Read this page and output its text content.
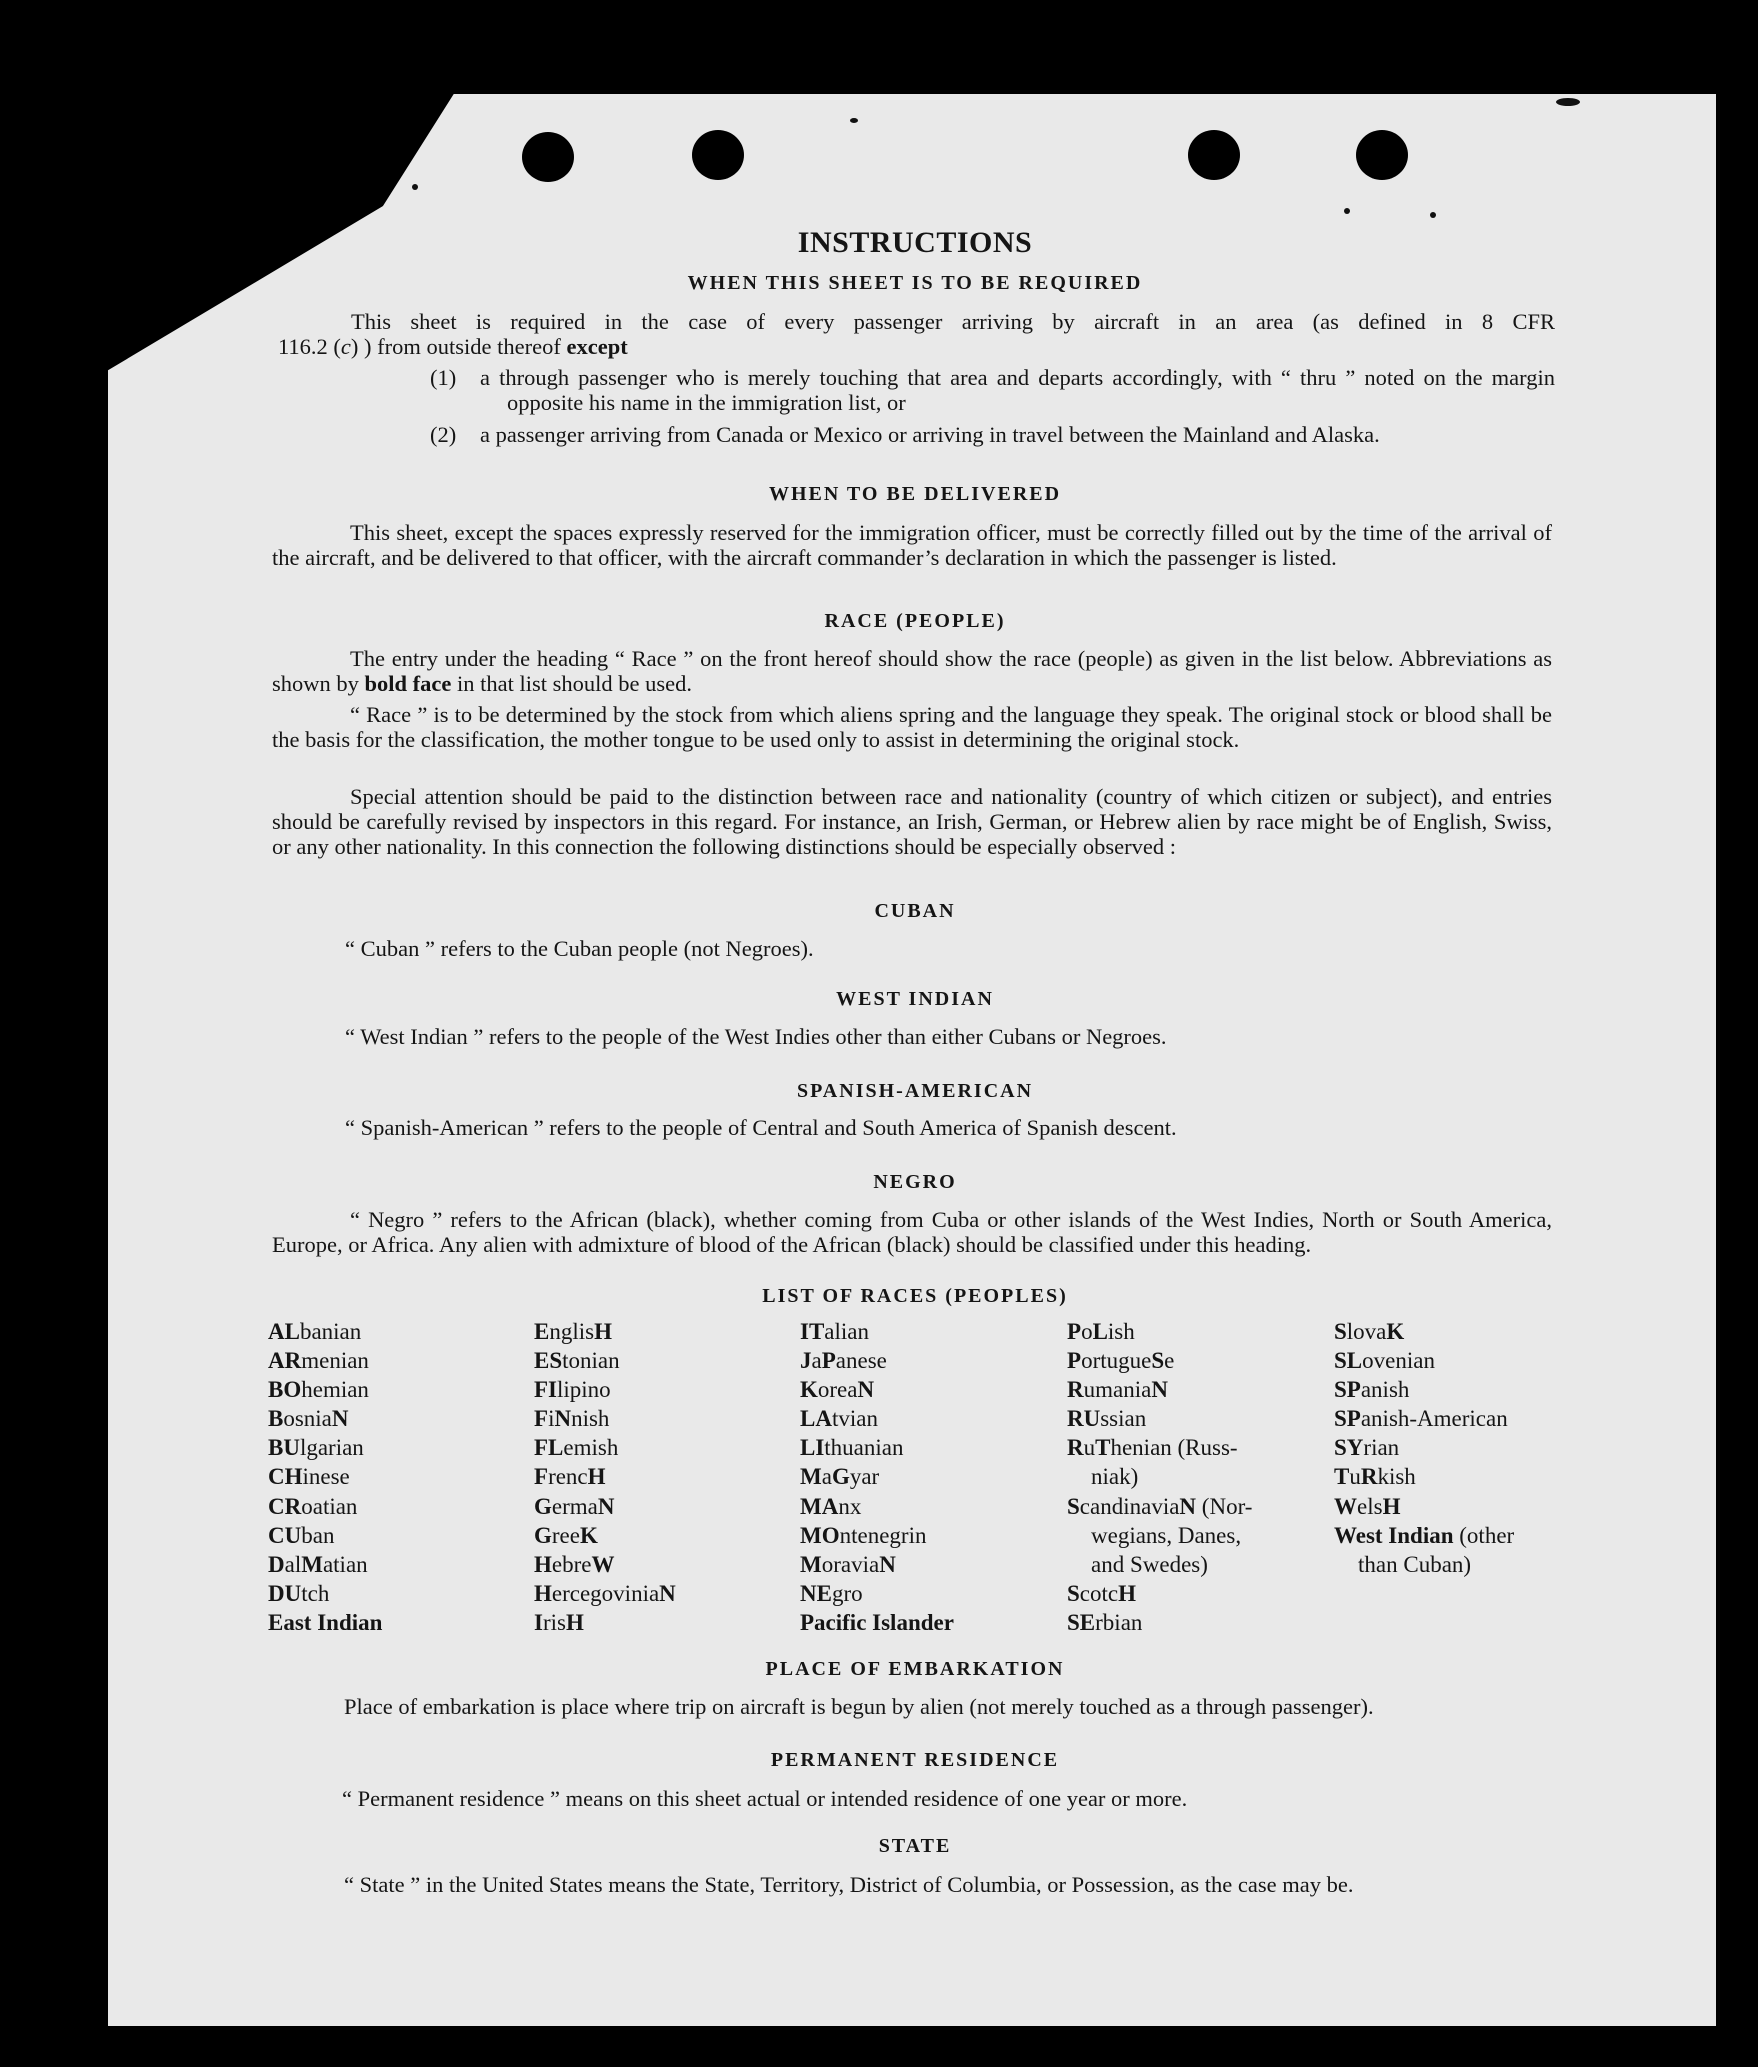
INSTRUCTIONS
WHEN THIS SHEET IS TO BE REQUIRED
This sheet is required in the case of every passenger arriving by aircraft in an area (as defined in 8 CFR
116.2 (c) ) from outside thereof except
(1) a through passenger who is merely touching that area and departs accordingly, with “ thru ” noted on the margin opposite his name in the immigration list, or
(2) a passenger arriving from Canada or Mexico or arriving in travel between the Mainland and Alaska.
WHEN TO BE DELIVERED

This sheet, except the spaces expressly reserved for the immigration officer, must be correctly filled out by the time of the arrival of the aircraft, and be delivered to that officer, with the aircraft commander’s declaration in which the passenger is listed.

RACE (PEOPLE)

The entry under the heading “ Race ” on the front hereof should show the race (people) as given in the list below. Abbreviations as shown by bold face in that list should be used.

“ Race ” is to be determined by the stock from which aliens spring and the language they speak. The original stock or blood shall be the basis for the classification, the mother tongue to be used only to assist in determining the original stock.

Special attention should be paid to the distinction between race and nationality (country of which citizen or subject), and entries should be carefully revised by inspectors in this regard. For instance, an Irish, German, or Hebrew alien by race might be of English, Swiss, or any other nationality. In this connection the following distinctions should be especially observed :

CUBAN
“ Cuban ” refers to the Cuban people (not Negroes).
WEST INDIAN
“ West Indian ” refers to the people of the West Indies other than either Cubans or Negroes.
SPANISH-AMERICAN
“ Spanish-American ” refers to the people of Central and South America of Spanish descent.
NEGRO

“ Negro ” refers to the African (black), whether coming from Cuba or other islands of the West Indies, North or South America, Europe, or Africa. Any alien with admixture of blood of the African (black) should be classified under this heading.

LIST OF RACES (PEOPLES)
ALbanian
ARmenian
BOhemian
BosniaN
BUlgarian
CHinese
CRoatian
CUban
DalMatian
DUtch
East Indian
EnglisH
EStonian
FIlipino
FiNnish
FLemish
FrencH
GermaN
GreeK
HebreW
HercegoviniaN
IrisH
ITalian
JaPanese
KoreaN
LAtvian
LIthuanian
MaGyar
MAnx
MOntenegrin
MoraviaN
NEgro
Pacific Islander
PoLish
PortugueSe
RumaniaN
RUssian
RuThenian (Russ-
niak)
ScandinaviaN (Nor-
wegians, Danes,
and Swedes)
ScotcH
SErbian
SlovaK
SLovenian
SPanish
SPanish-American
SYrian
TuRkish
WelsH
West Indian (other
than Cuban)
PLACE OF EMBARKATION

Place of embarkation is place where trip on aircraft is begun by alien (not merely touched as a through passenger).

PERMANENT RESIDENCE
“ Permanent residence ” means on this sheet actual or intended residence of one year or more.
STATE

“ State ” in the United States means the State, Territory, District of Columbia, or Possession, as the case may be.
